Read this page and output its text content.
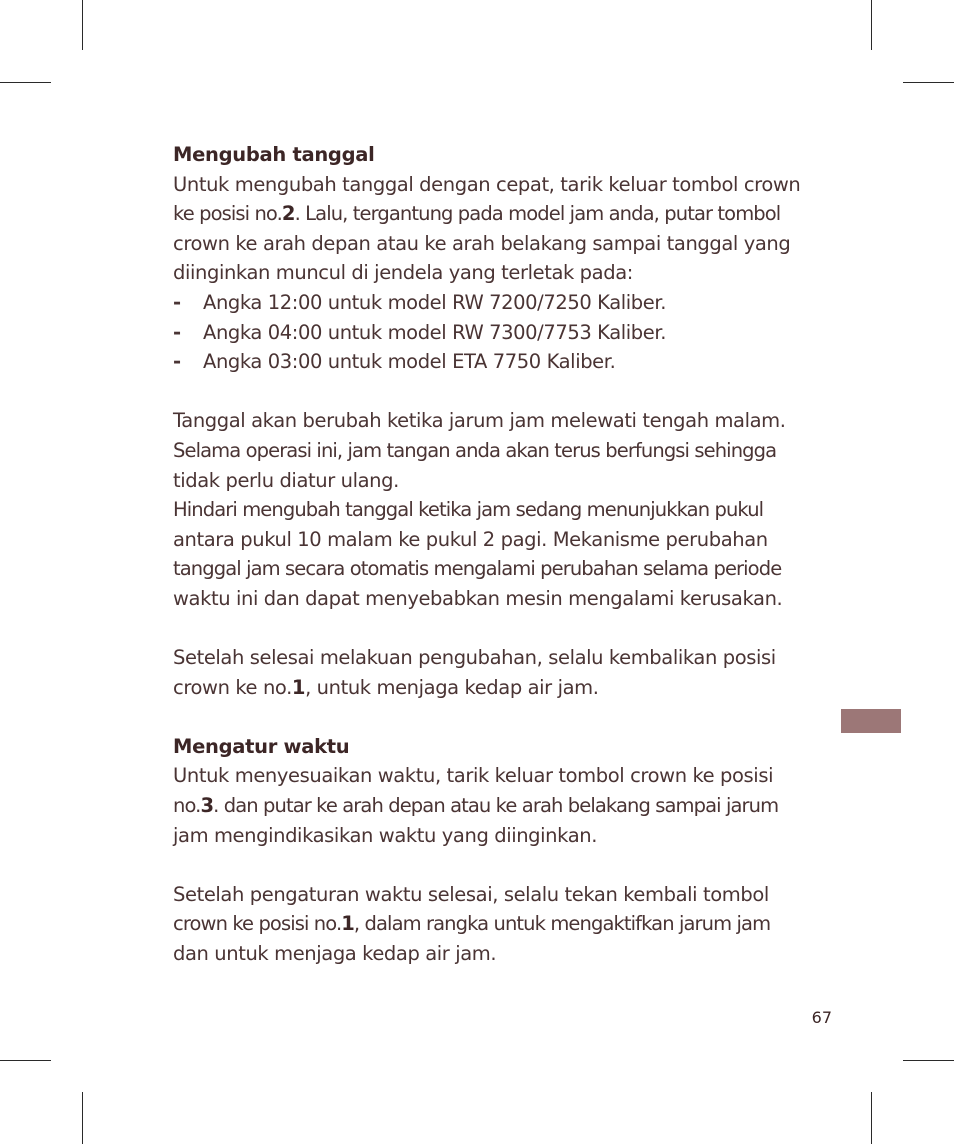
Mengubah tanggal

Untuk mengubah tanggal dengan cepat, tarik keluar tombol crown

ke posisi no.2. Lalu, tergantung pada model jam anda, putar tombol

crown ke arah depan atau ke arah belakang sampai tanggal yang

diinginkan muncul di jendela yang terletak pada:

- Angka 12:00 untuk model RW 7200/7250 Kaliber.
- Angka 04:00 untuk model RW 7300/7753 Kaliber.
- Angka 03:00 untuk model ETA 7750 Kaliber.

Tanggal akan berubah ketika jarum jam melewati tengah malam.

Selama operasi ini, jam tangan anda akan terus berfungsi sehingga

tidak perlu diatur ulang.

Hindari mengubah tanggal ketika jam sedang menunjukkan pukul

antara pukul 10 malam ke pukul 2 pagi. Mekanisme perubahan

tanggal jam secara otomatis mengalami perubahan selama periode

waktu ini dan dapat menyebabkan mesin mengalami kerusakan.

Setelah selesai melakuan pengubahan, selalu kembalikan posisi

crown ke no.1, untuk menjaga kedap air jam.

Mengatur waktu

Untuk menyesuaikan waktu, tarik keluar tombol crown ke posisi

no.3. dan putar ke arah depan atau ke arah belakang sampai jarum

jam mengindikasikan waktu yang diinginkan.

Setelah pengaturan waktu selesai, selalu tekan kembali tombol

crown ke posisi no.1, dalam rangka untuk mengaktifkan jarum jam

dan untuk menjaga kedap air jam.

67
